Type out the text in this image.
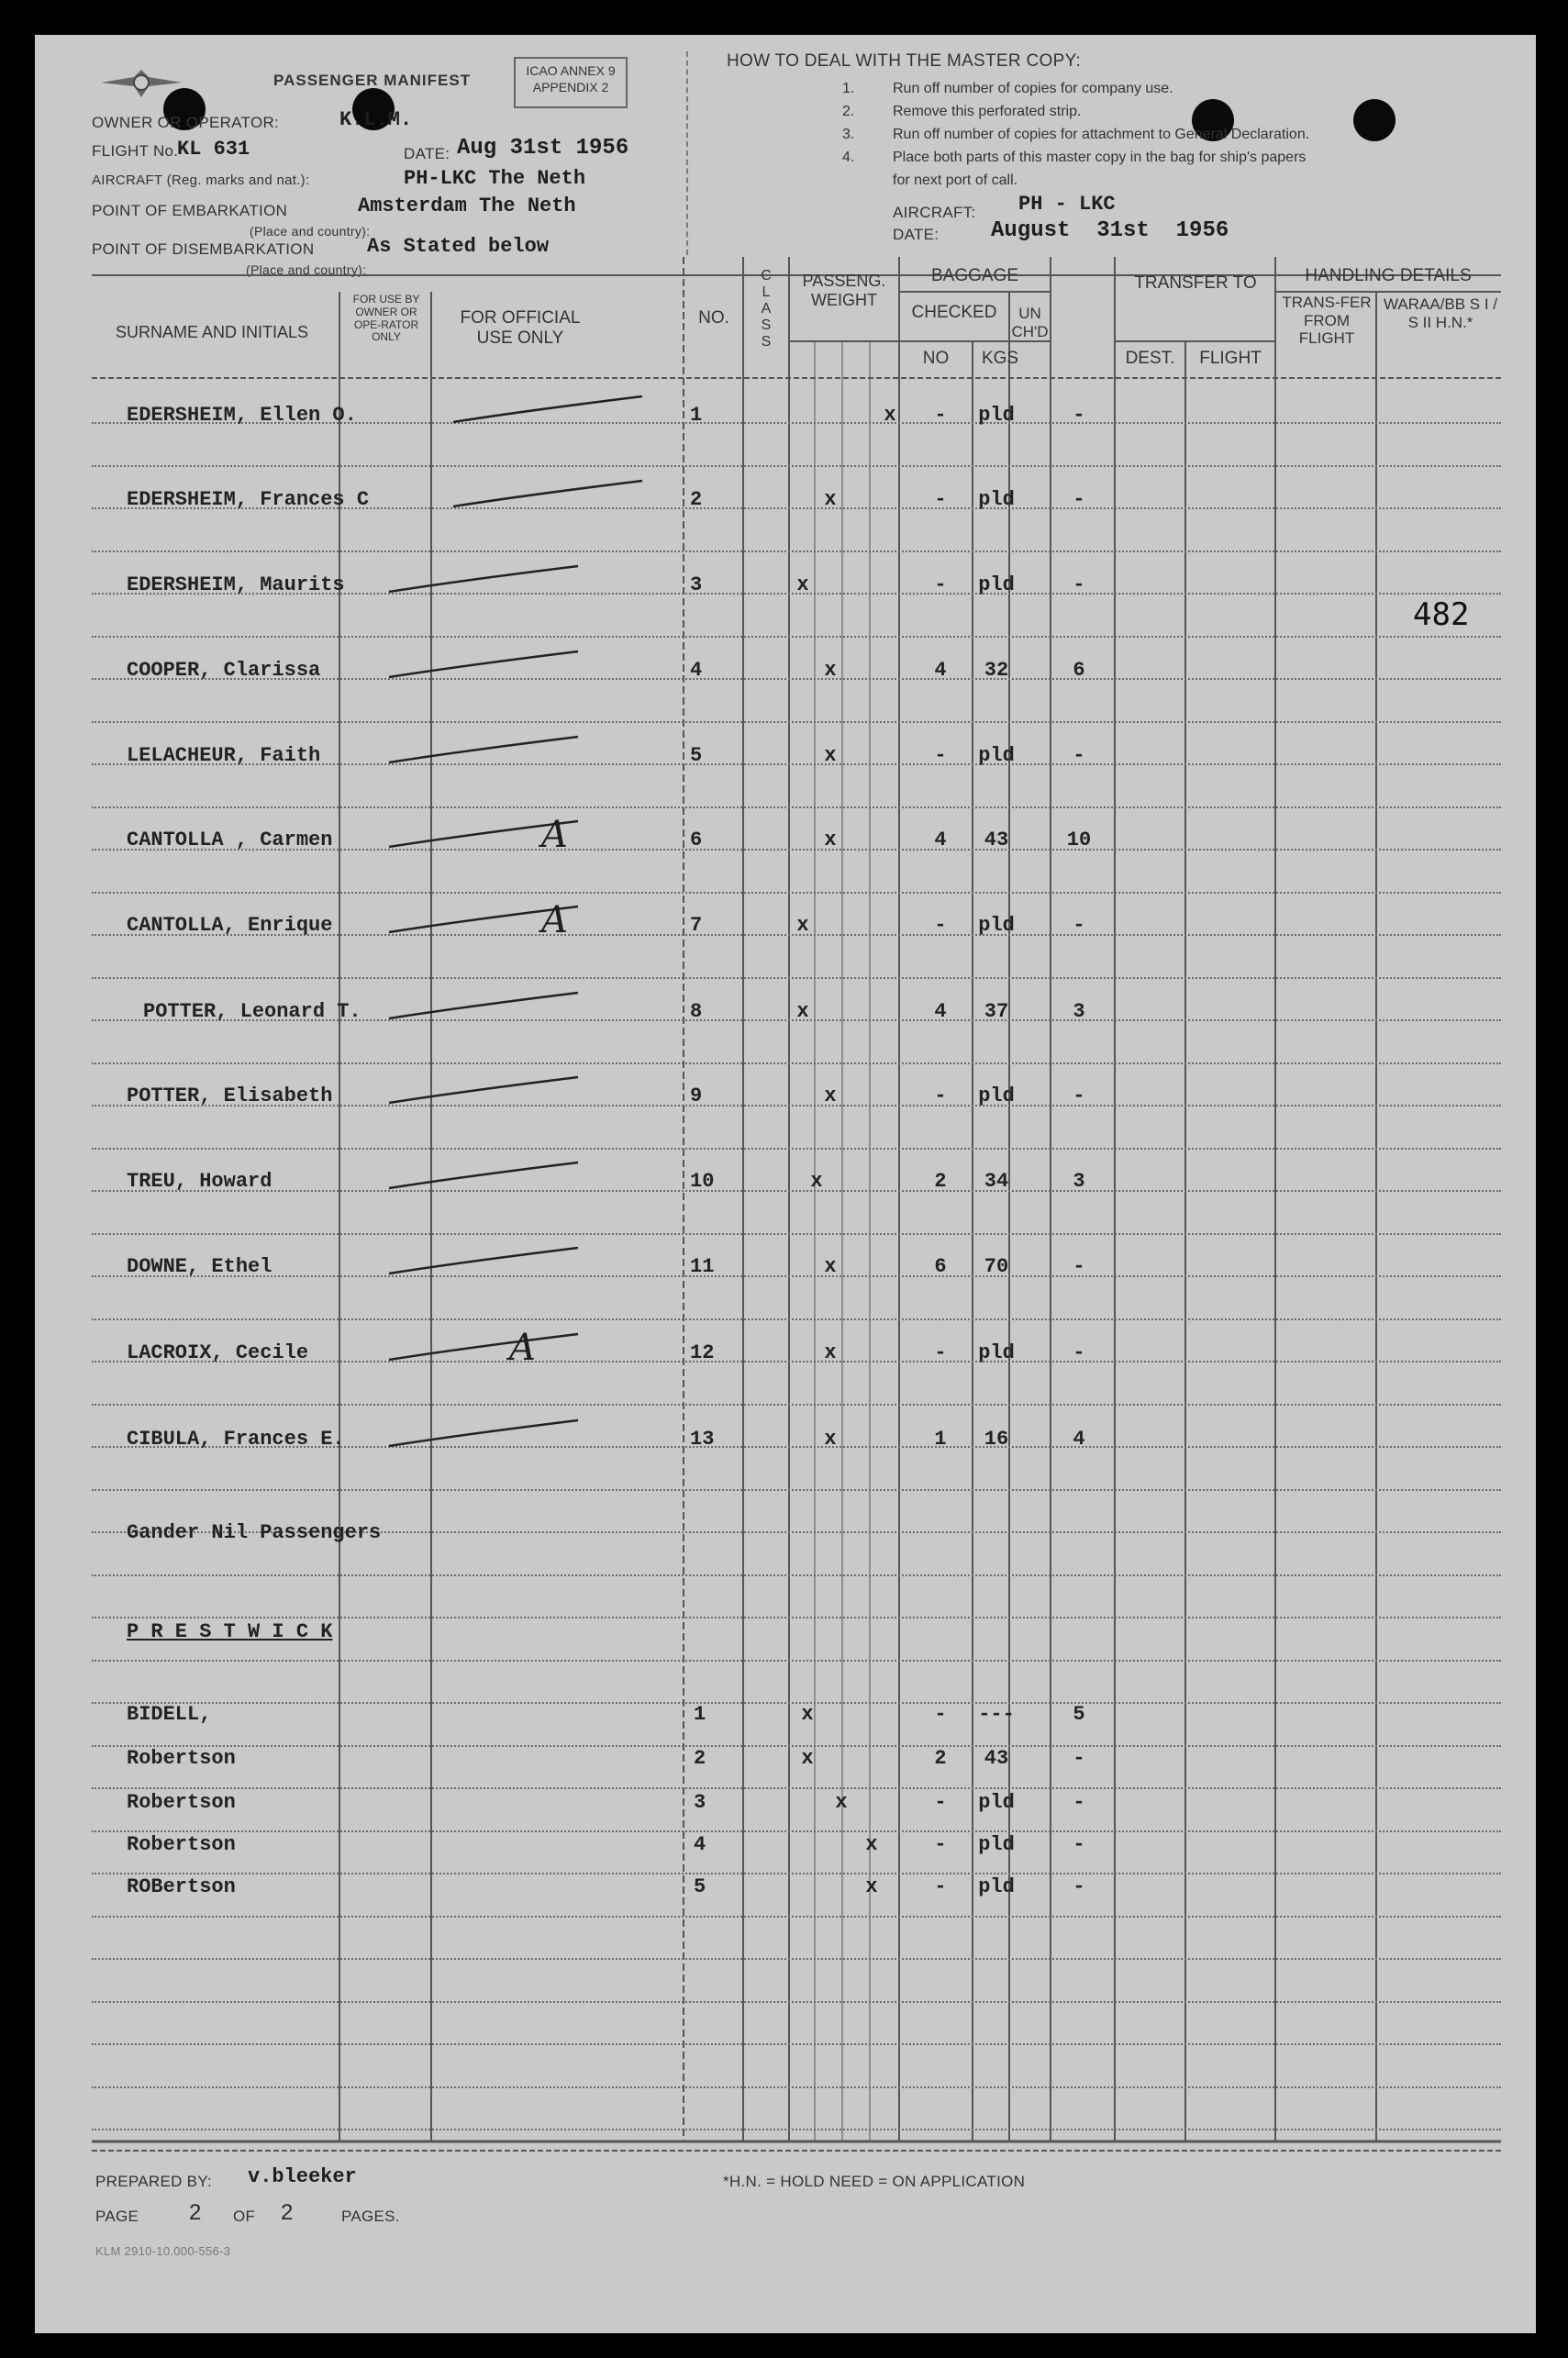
PASSENGER MANIFEST
ICAO ANNEX 9
APPENDIX 2
OWNER OR OPERATOR:	K.L.M.
FLIGHT No.
KL 631	DATE: Aug 31st 1956
AIRCRAFT (Reg. marks and nat.):	PH-LKC The Neth
POINT OF EMBARKATION	Amsterdam The Neth
(Place and country):
POINT OF DISEMBARKATION	As Stated below
(Place and country):
HOW TO DEAL WITH THE MASTER COPY:
1.	Run off number of copies for company use.
2.	Remove this perforated strip.
3.	Run off number of copies for attachment to General Declaration.
4.	Place both parts of this master copy in the bag for ship's papers
for next port of call.
AIRCRAFT: PH - LKC
DATE: August  31st  1956
SURNAME AND INITIALS
FOR USE BY OWNER OR OPE-RATOR ONLY
FOR OFFICIAL USE ONLY
NO.
CLASS
PASSENG. WEIGHT
BAGGAGE
CHECKED
NO	KGS
UN CH'D
TRANSFER TO
DEST.	FLIGHT
HANDLING DETAILS
TRANS-FER FROM FLIGHT
WARAA/BB S I / S II H.N.*
482
EDERSHEIM, Ellen O.	1	x	-	pld	-
EDERSHEIM, Frances C	2	x	-	pld	-
EDERSHEIM, Maurits	3	x	-	pld	-
COOPER, Clarissa	4	x	4	32	6
LELACHEUR, Faith	5	x	-	pld	-
CANTOLLA , Carmen	6	x	4	43	10
A
CANTOLLA, Enrique	7	x	-	pld	-
A
POTTER, Leonard T.	8	x	4	37	3
POTTER, Elisabeth	9	x	-	pld	-
TREU, Howard	10	x	2	34	3
DOWNE, Ethel	11	x	6	70	-
LACROIX, Cecile	12	x	-	pld	-
A
CIBULA, Frances E.	13	x	1	16	4
Gander Nil Passengers
P R E S T W I C K
BIDELL,	1	x	-	---	5
Robertson	2	x	2	43	-
Robertson	3	x	-	pld	-
Robertson	4	x	-	pld	-
ROBertson	5	x	-	pld	-
PREPARED BY: v.bleeker
PAGE 2 OF 2	PAGES.
KLM 2910-10.000-556-3
*H.N. = HOLD NEED = ON APPLICATION
